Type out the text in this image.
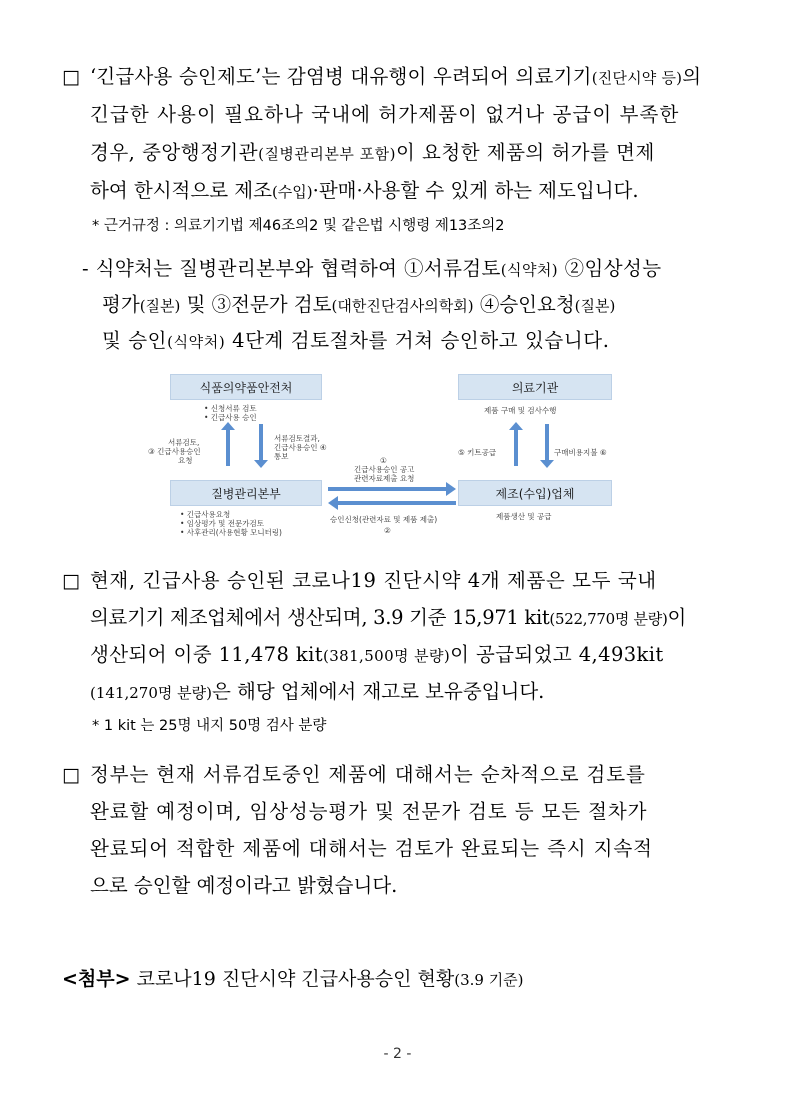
□ ‘긴급사용 승인제도’는 감염병 대유행이 우려되어 의료기기(진단시약 등)의
긴급한 사용이 필요하나 국내에 허가제품이 없거나 공급이 부족한
경우, 중앙행정기관(질병관리본부 포함)이 요청한 제품의 허가를 면제
하여 한시적으로 제조(수입)·판매·사용할 수 있게 하는 제도입니다.
* 근거규정 : 의료기기법 제46조의2 및 같은법 시행령 제13조의2
- 식약처는 질병관리본부와 협력하여 ①서류검토(식약처) ②임상성능
평가(질본) 및 ③전문가 검토(대한진단검사의학회) ④승인요청(질본)
및 승인(식약처) 4단계 검토절차를 거쳐 승인하고 있습니다.
식품의약품안전처	의료기관
질병관리본부	제조(수입)업체
• 신청서류 검토
• 긴급사용 승인
서류검토,
③ 긴급사용승인
요청
서류검토결과,
긴급사용승인 ④
통보
제품 구매 및 검사수행
⑤ 키트공급	구매비용지불 ⑥
①
긴급사용승인 공고
관련자료제출 요청
승인신청(관련자료 및 제품 제출)
②
• 긴급사용요청
• 임상평가 및 전문가검토
• 사후관리(사용현황 모니터링)
제품생산 및 공급
□ 현재, 긴급사용 승인된 코로나19 진단시약 4개 제품은 모두 국내
의료기기 제조업체에서 생산되며, 3.9 기준 15,971 kit(522,770명 분량)이
생산되어 이중 11,478 kit(381,500명 분량)이 공급되었고 4,493kit
(141,270명 분량)은 해당 업체에서 재고로 보유중입니다.
* 1 kit 는 25명 내지 50명 검사 분량
□ 정부는 현재 서류검토중인 제품에 대해서는 순차적으로 검토를
완료할 예정이며, 임상성능평가 및 전문가 검토 등 모든 절차가
완료되어 적합한 제품에 대해서는 검토가 완료되는 즉시 지속적
으로 승인할 예정이라고 밝혔습니다.
<첨부> 코로나19 진단시약 긴급사용승인 현황(3.9 기준)
- 2 -
